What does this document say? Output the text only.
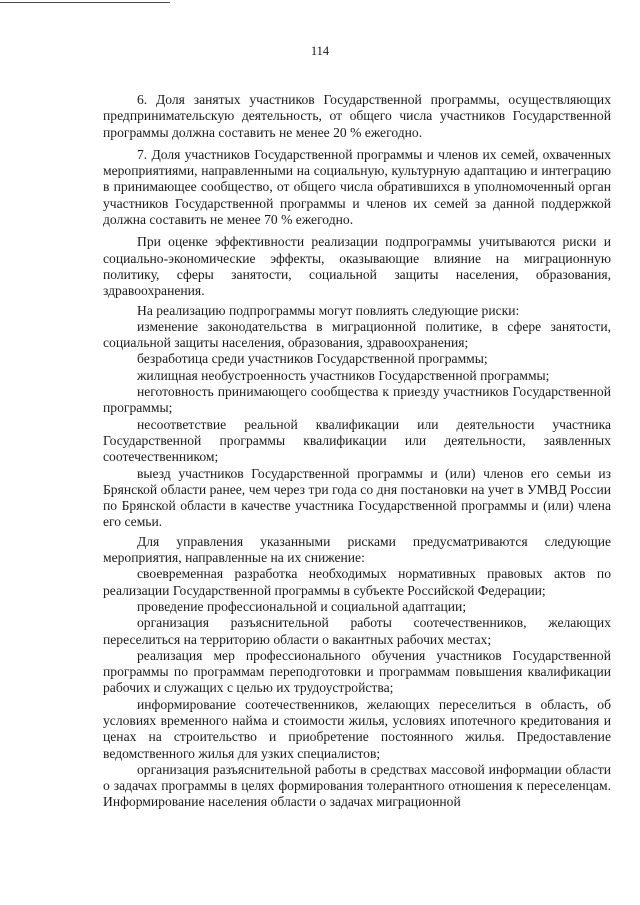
114

6. Доля занятых участников Государственной программы, осуществляющих предпринимательскую деятельность, от общего числа участников Государственной программы должна составить не менее 20 % ежегодно.

7. Доля участников Государственной программы и членов их семей, охваченных мероприятиями, направленными на социальную, культурную адаптацию и интеграцию в принимающее сообщество, от общего числа обратившихся в уполномоченный орган участников Государственной программы и членов их семей за данной поддержкой должна составить не менее 70 % ежегодно.

При оценке эффективности реализации подпрограммы учитываются риски и социально-экономические эффекты, оказывающие влияние на миграционную политику, сферы занятости, социальной защиты населения, образования, здравоохранения.

На реализацию подпрограммы могут повлиять следующие риски:

изменение законодательства в миграционной политике, в сфере занятости, социальной защиты населения, образования, здравоохранения;

безработица среди участников Государственной программы;

жилищная необустроенность участников Государственной программы;

неготовность принимающего сообщества к приезду участников Государственной программы;

несоответствие реальной квалификации или деятельности участника Государственной программы квалификации или деятельности, заявленных соотечественником;

выезд участников Государственной программы и (или) членов его семьи из Брянской области ранее, чем через три года со дня постановки на учет в УМВД России по Брянской области в качестве участника Государственной программы и (или) члена его семьи.

Для управления указанными рисками предусматриваются следующие мероприятия, направленные на их снижение:

своевременная разработка необходимых нормативных правовых актов по реализации Государственной программы в субъекте Российской Федерации;

проведение профессиональной и социальной адаптации;

организация разъяснительной работы соотечественников, желающих переселиться на территорию области о вакантных рабочих местах;

реализация мер профессионального обучения участников Государственной программы по программам переподготовки и программам повышения квалификации рабочих и служащих с целью их трудоустройства;

информирование соотечественников, желающих переселиться в область, об условиях временного найма и стоимости жилья, условиях ипотечного кредитования и ценах на строительство и приобретение постоянного жилья. Предоставление ведомственного жилья для узких специалистов;

организация разъяснительной работы в средствах массовой информации области о задачах программы в целях формирования толерантного отношения к переселенцам. Информирование населения области о задачах миграционной
